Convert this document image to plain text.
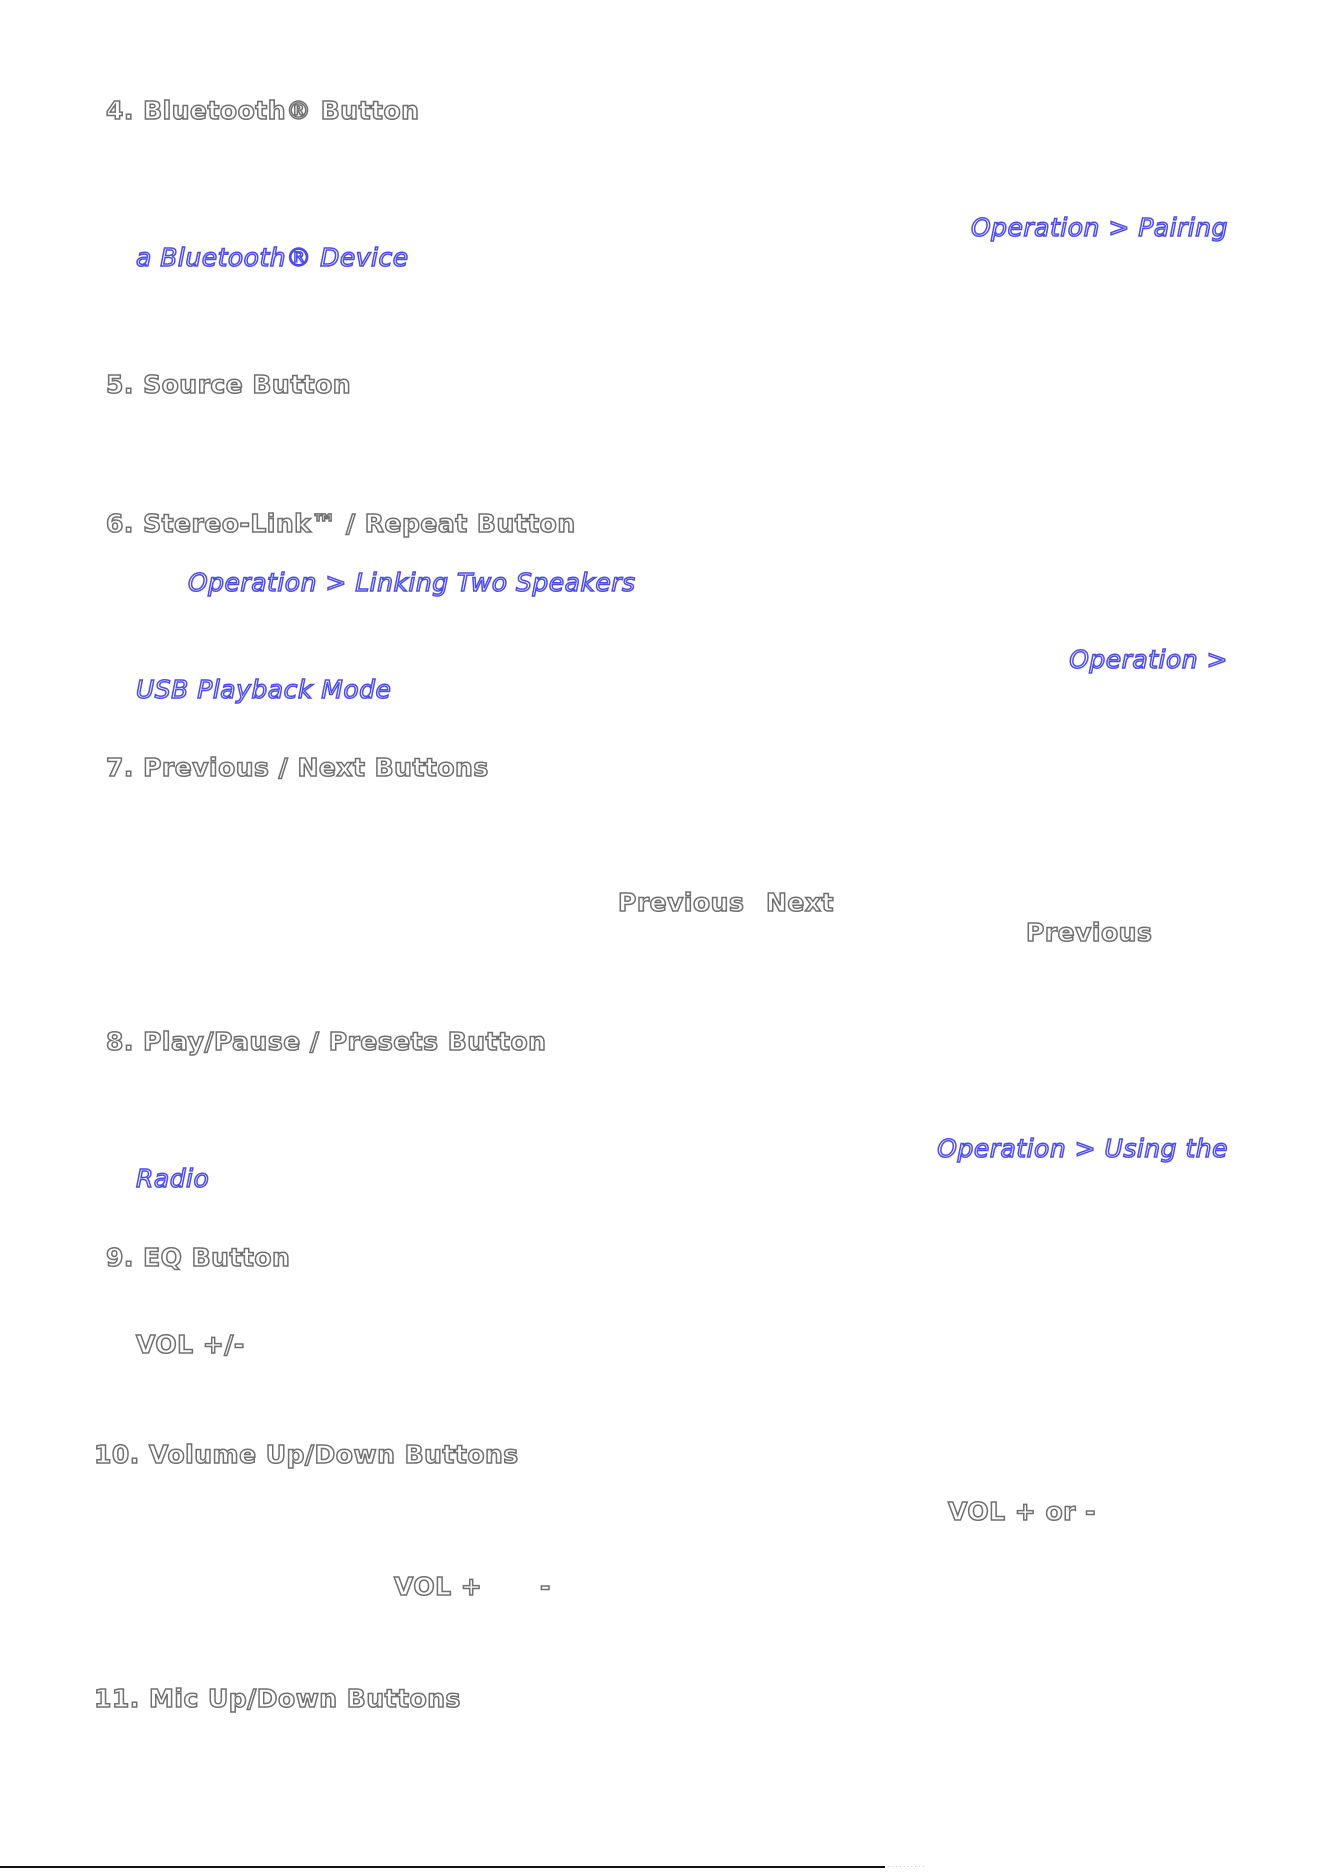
4. Bluetooth® Button

5. Source Button

6. Stereo-Link™ / Repeat Button

7. Previous / Next Buttons

8. Play/Pause / Presets Button

9. EQ Button

10. Volume Up/Down Buttons

11. Mic Up/Down Buttons

Operation > Pairing

a Bluetooth® Device

Operation > Linking Two Speakers

Operation >

USB Playback Mode

Operation > Using the

Radio

Previous Next

Previous

VOL +/-

VOL + or -

VOL + -

· · · · · · · · · ·
